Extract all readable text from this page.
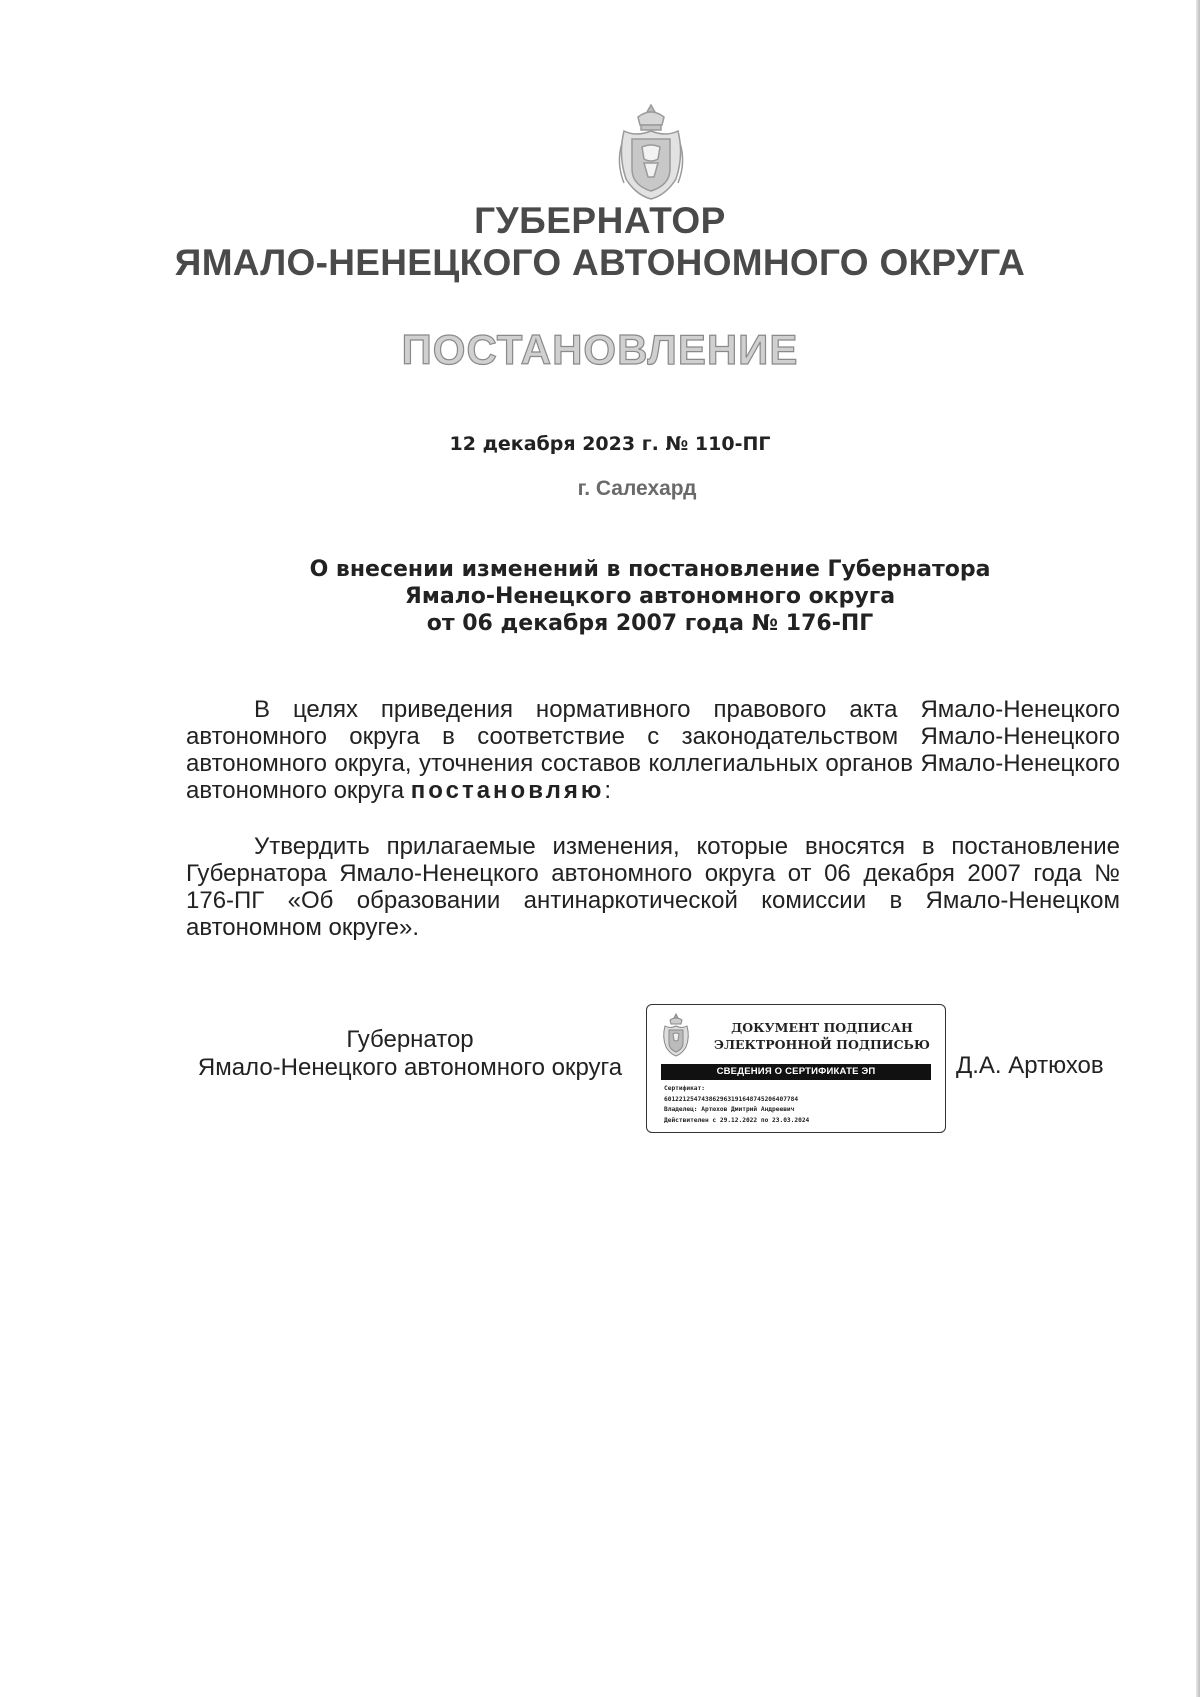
ГУБЕРНАТОР
ЯМАЛО-НЕНЕЦКОГО АВТОНОМНОГО ОКРУГА
ПОСТАНОВЛЕНИЕ
12 декабря 2023 г. № 110-ПГ
г. Салехард
О внесении изменений в постановление Губернатора
Ямало-Ненецкого автономного округа
от 06 декабря 2007 года № 176-ПГ
В целях приведения нормативного правового акта Ямало-Ненецкого автономного округа в соответствие с законодательством Ямало-Ненецкого автономного округа, уточнения составов коллегиальных органов Ямало-Ненецкого автономного округа постановляю:
Утвердить прилагаемые изменения, которые вносятся в постановление Губернатора Ямало-Ненецкого автономного округа от 06 декабря 2007 года № 176-ПГ «Об образовании антинаркотической комиссии в Ямало-Ненецком автономном округе».
Губернатор
Ямало-Ненецкого автономного округа
ДОКУМЕНТ ПОДПИСАН
ЭЛЕКТРОННОЙ ПОДПИСЬЮ
СВЕДЕНИЯ О СЕРТИФИКАТЕ ЭП
Сертификат:
601221254743862963191648745206407784
Владелец: Артюхов Дмитрий Андреевич
Действителен с 29.12.2022 по 23.03.2024
Д.А. Артюхов
